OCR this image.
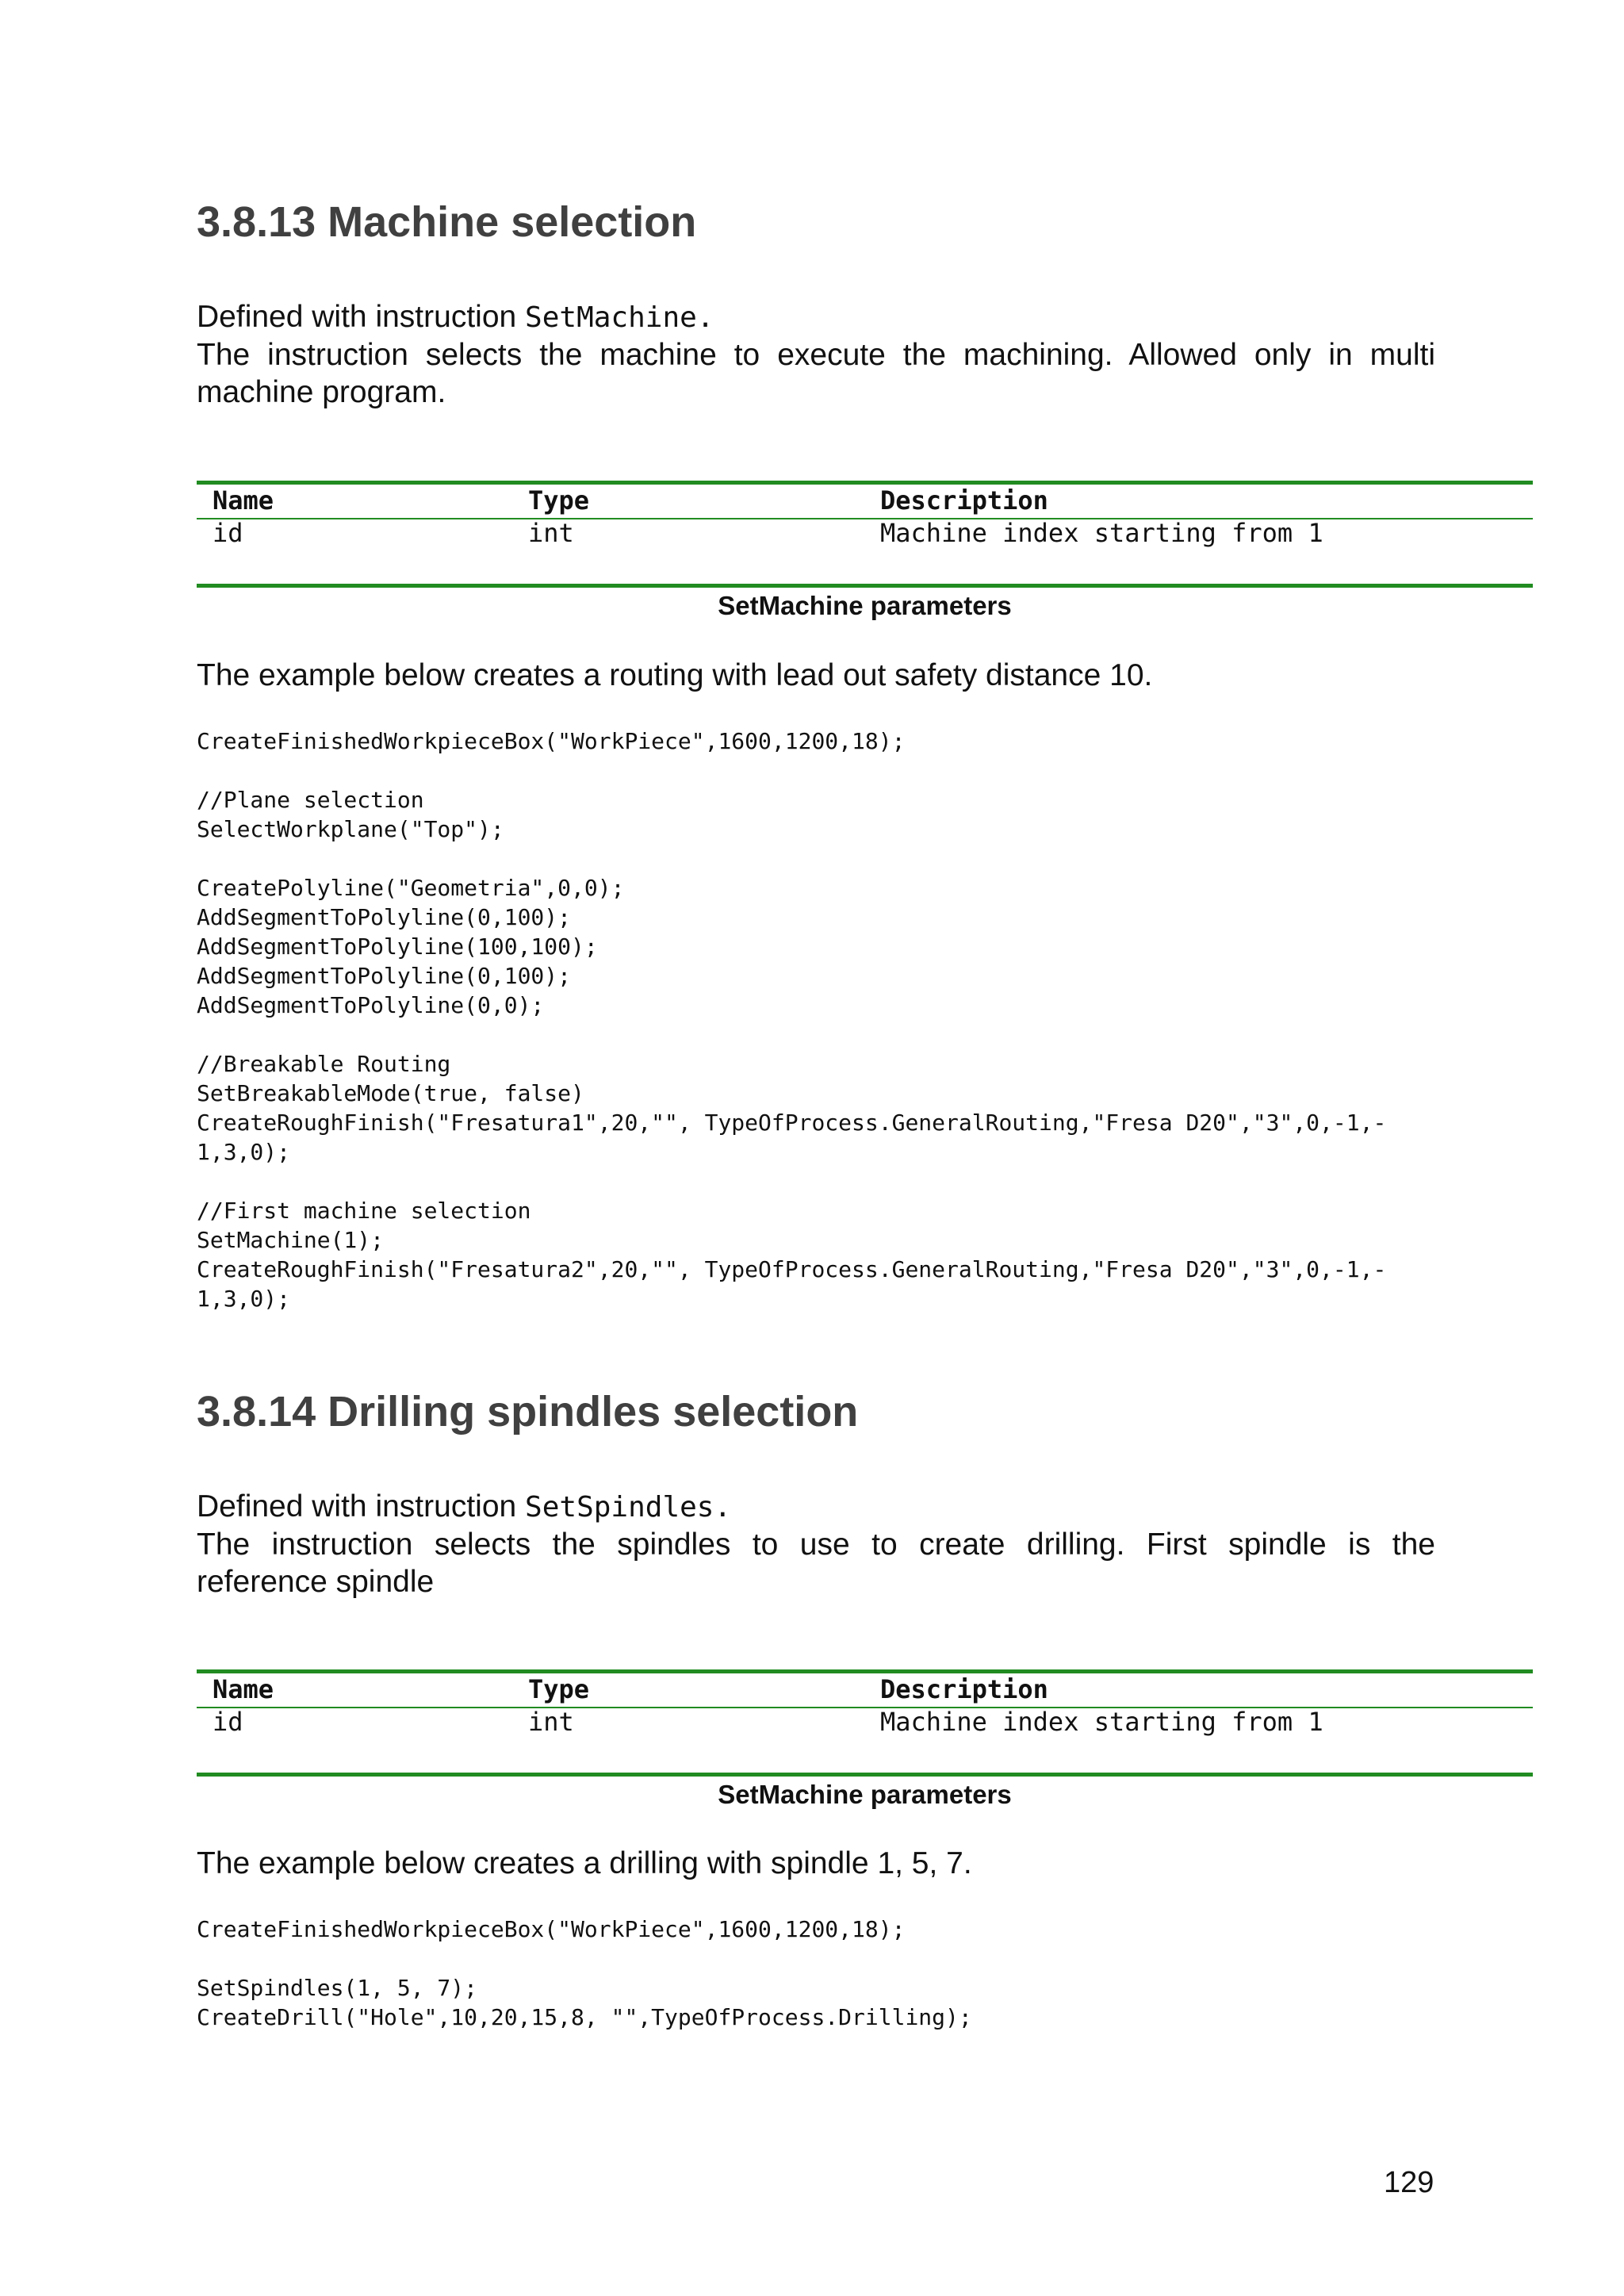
3.8.13 Machine selection
Defined with instruction SetMachine.
The instruction selects the machine to execute the machining. Allowed only in multi
machine program.
Name	Type	Description
id	int	Machine index starting from 1
SetMachine parameters
The example below creates a routing with lead out safety distance 10.
CreateFinishedWorkpieceBox("WorkPiece",1600,1200,18);
//Plane selection
SelectWorkplane("Top");
CreatePolyline("Geometria",0,0);
AddSegmentToPolyline(0,100);
AddSegmentToPolyline(100,100);
AddSegmentToPolyline(0,100);
AddSegmentToPolyline(0,0);
//Breakable Routing
SetBreakableMode(true, false)
CreateRoughFinish("Fresatura1",20,"", TypeOfProcess.GeneralRouting,"Fresa D20","3",0,-1,-
1,3,0);
//First machine selection
SetMachine(1);
CreateRoughFinish("Fresatura2",20,"", TypeOfProcess.GeneralRouting,"Fresa D20","3",0,-1,-
1,3,0);
3.8.14 Drilling spindles selection
Defined with instruction SetSpindles.
The instruction selects the spindles to use to create drilling. First spindle is the
reference spindle
Name	Type	Description
id	int	Machine index starting from 1
SetMachine parameters
The example below creates a drilling with spindle 1, 5, 7.
CreateFinishedWorkpieceBox("WorkPiece",1600,1200,18);
SetSpindles(1, 5, 7);
CreateDrill("Hole",10,20,15,8, "",TypeOfProcess.Drilling);
129
